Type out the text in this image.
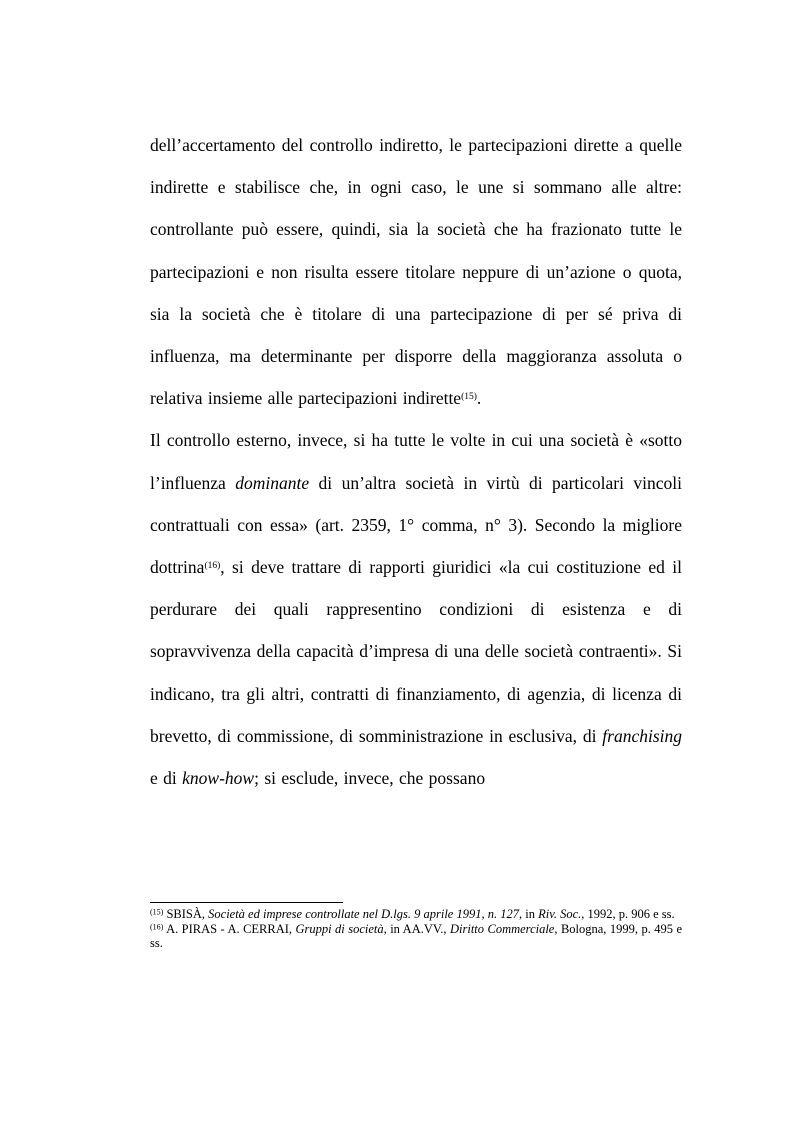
dell’accertamento del controllo indiretto, le partecipazioni dirette a quelle indirette e stabilisce che, in ogni caso, le une si sommano alle altre: controllante può essere, quindi, sia la società che ha frazionato tutte le partecipazioni e non risulta essere titolare neppure di un’azione o quota, sia la società che è titolare di una partecipazione di per sé priva di influenza, ma determinante per disporre della maggioranza assoluta o relativa insieme alle partecipazioni indirette$^{(15)}$.

Il controllo esterno, invece, si ha tutte le volte in cui una società è «sotto l’influenza dominante di un’altra società in virtù di particolari vincoli contrattuali con essa» (art. 2359, 1° comma, n° 3). Secondo la migliore dottrina$^{(16)}$, si deve trattare di rapporti giuridici «la cui costituzione ed il perdurare dei quali rappresentino condizioni di esistenza e di sopravvivenza della capacità d’impresa di una delle società contraenti». Si indicano, tra gli altri, contratti di finanziamento, di agenzia, di licenza di brevetto, di commissione, di somministrazione in esclusiva, di franchising e di know-how; si esclude, invece, che possano

$^{(15)}$ SBISÀ, Società ed imprese controllate nel D.lgs. 9 aprile 1991, n. 127, in Riv. Soc., 1992, p. 906 e ss.

$^{(16)}$ A. PIRAS - A. CERRAI, Gruppi di società, in AA.VV., Diritto Commerciale, Bologna, 1999, p. 495 e ss.
